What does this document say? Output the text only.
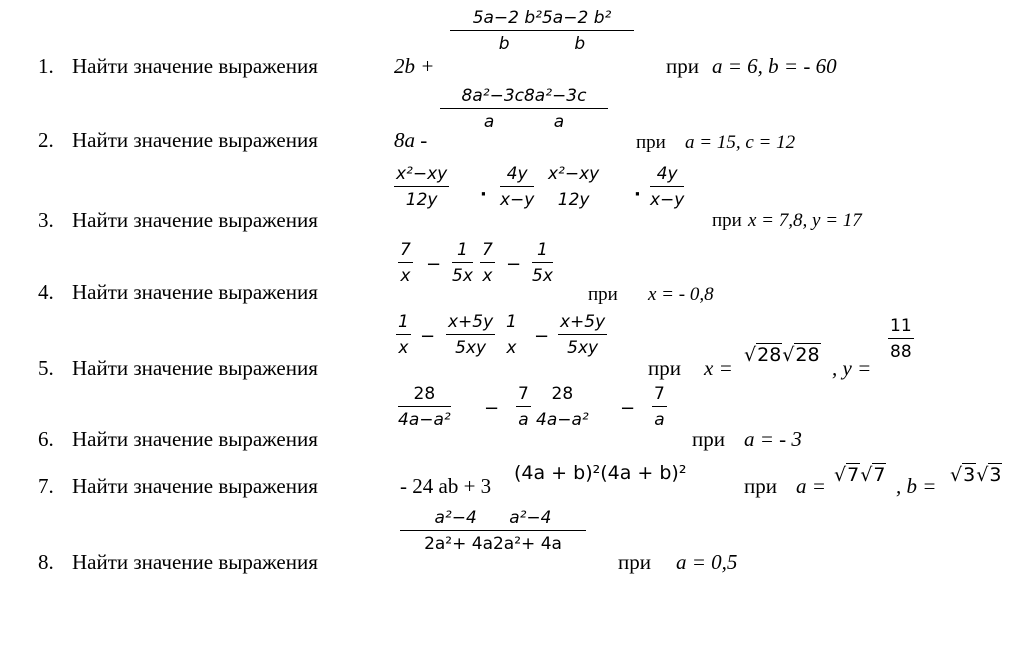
1. Найти значение выражения	2b +	при a = 6, b = - 60
5a−2 b²5a−2 b²
b            b
2. Найти значение выражения	8a -	при a = 15, c = 12
8a²−3c8a²−3c
a           a
3. Найти значение выражения	при x = 7,8, y = 17
x²−xy
12y ·
4y
x−y
x²−xy
12y ·
4y
x−y
4. Найти значение выражения	при x = - 0,8
7
x
−
1
5x
7
x
−
1
5x
5. Найти значение выражения	при x =	, y =
1
x
−
x+5y
5xy
1
x
−
x+5y
5xy	√28√28
11
88
6. Найти значение выражения	при a = - 3
28
4a−a²
−
7
a
28
4a−a²
−
7
a
7. Найти значение выражения	- 24 ab + 3
(4a + b)²(4a + b)²
при a =	, b =
√7√7	√3√3
8. Найти значение выражения	при a = 0,5
a²−4      a²−4
2a²+ 4a2a²+ 4a
